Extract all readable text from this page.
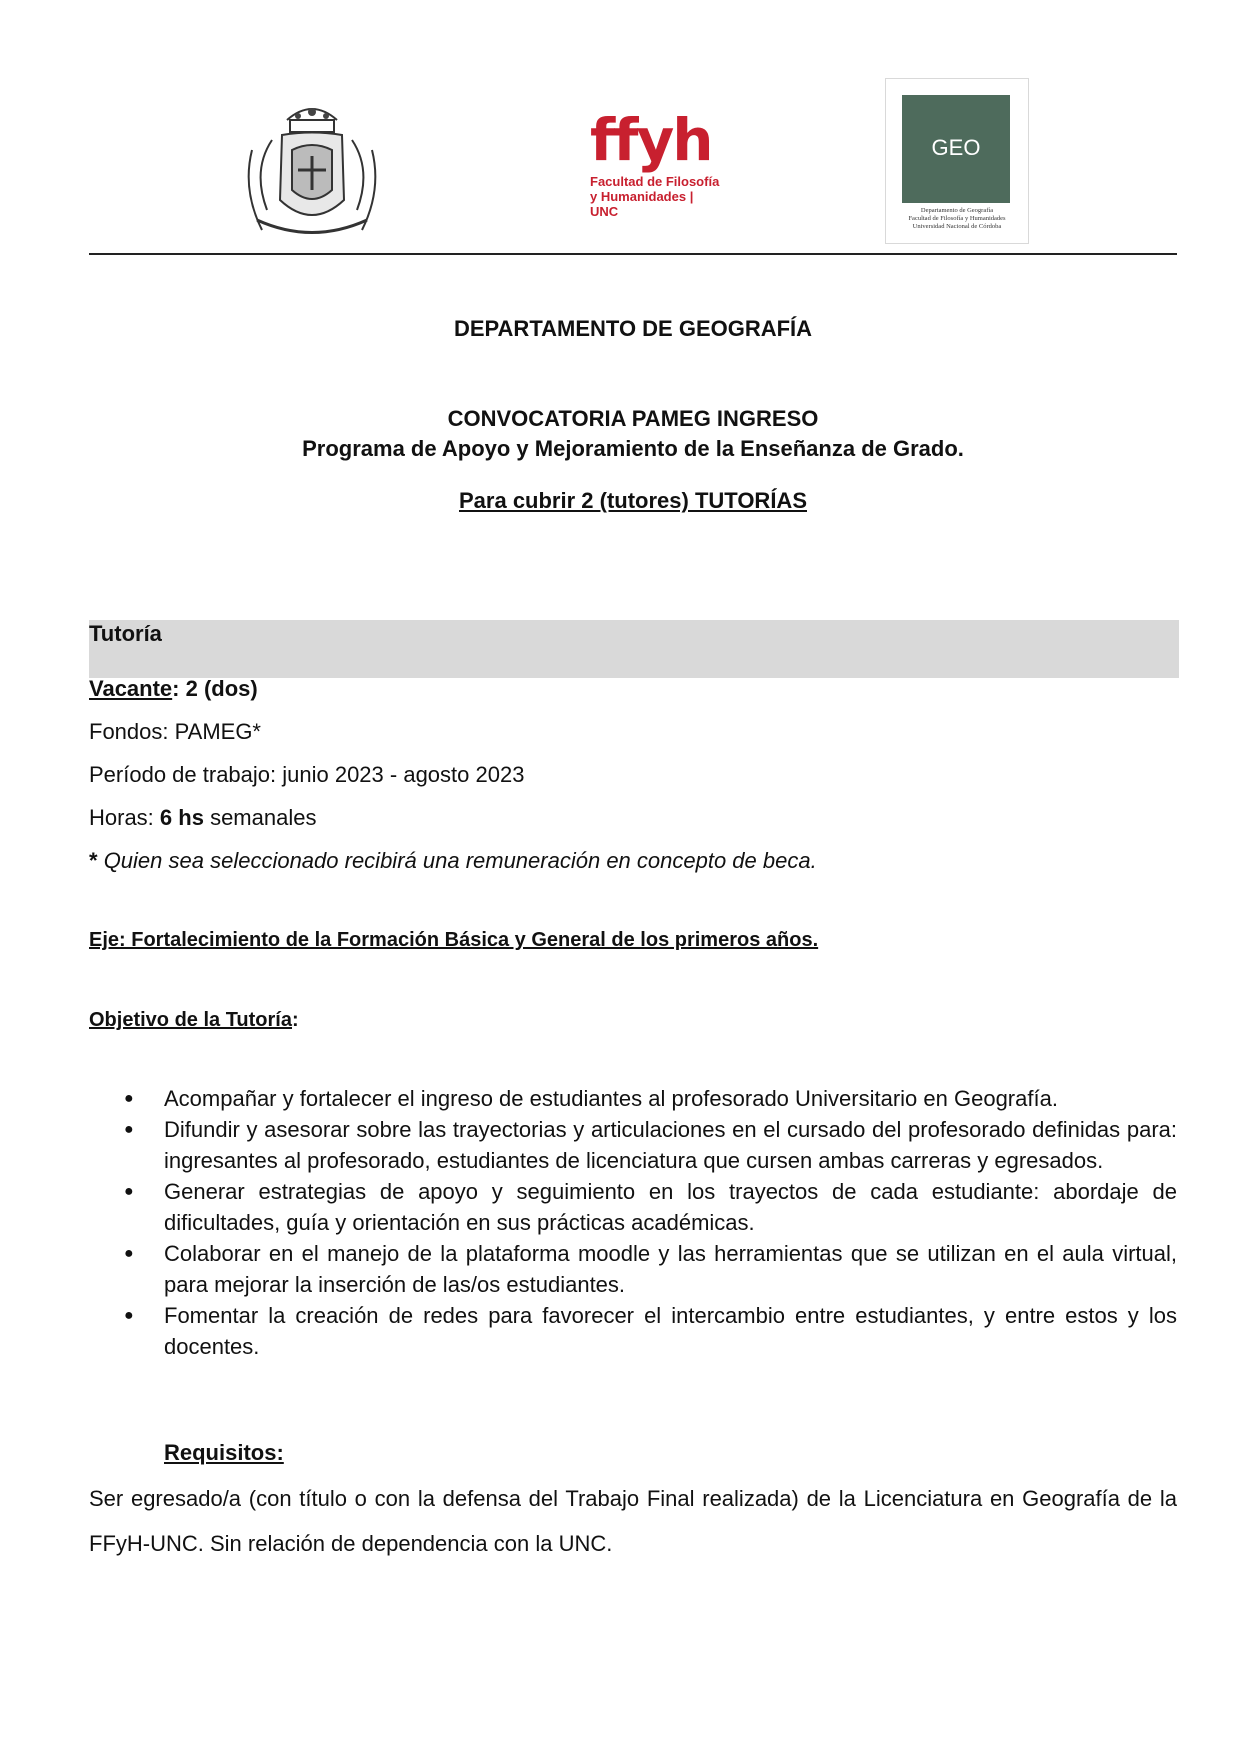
ffyh
Facultad de Filosofía
y Humanidades | UNC
GEO
Departamento de Geografía
Facultad de Filosofía y Humanidades
Universidad Nacional de Córdoba
DEPARTAMENTO DE GEOGRAFÍA
CONVOCATORIA PAMEG INGRESO
Programa de Apoyo y Mejoramiento de la Enseñanza de Grado.
Para cubrir 2 (tutores) TUTORÍAS
Tutoría
Vacante: 2 (dos)
Fondos: PAMEG*
Período de trabajo: junio 2023 - agosto 2023
Horas: 6 hs semanales
* Quien sea seleccionado recibirá una remuneración en concepto de beca.
Eje: Fortalecimiento de la Formación Básica y General de los primeros años.
Objetivo de la Tutoría:
● Acompañar y fortalecer el ingreso de estudiantes al profesorado Universitario en Geografía.
● Difundir y asesorar sobre las trayectorias y articulaciones en el cursado del profesorado definidas para: ingresantes al profesorado, estudiantes de licenciatura que cursen ambas carreras y egresados.
● Generar estrategias de apoyo y seguimiento en los trayectos de cada estudiante: abordaje de dificultades, guía y orientación en sus prácticas académicas.
● Colaborar en el manejo de la plataforma moodle y las herramientas que se utilizan en el aula virtual, para mejorar la inserción de las/os estudiantes.
● Fomentar la creación de redes para favorecer el intercambio entre estudiantes, y entre estos y los docentes.
Requisitos:
Ser egresado/a (con título o con la defensa del Trabajo Final realizada) de la Licenciatura en Geografía de la FFyH-UNC. Sin relación de dependencia con la UNC.
